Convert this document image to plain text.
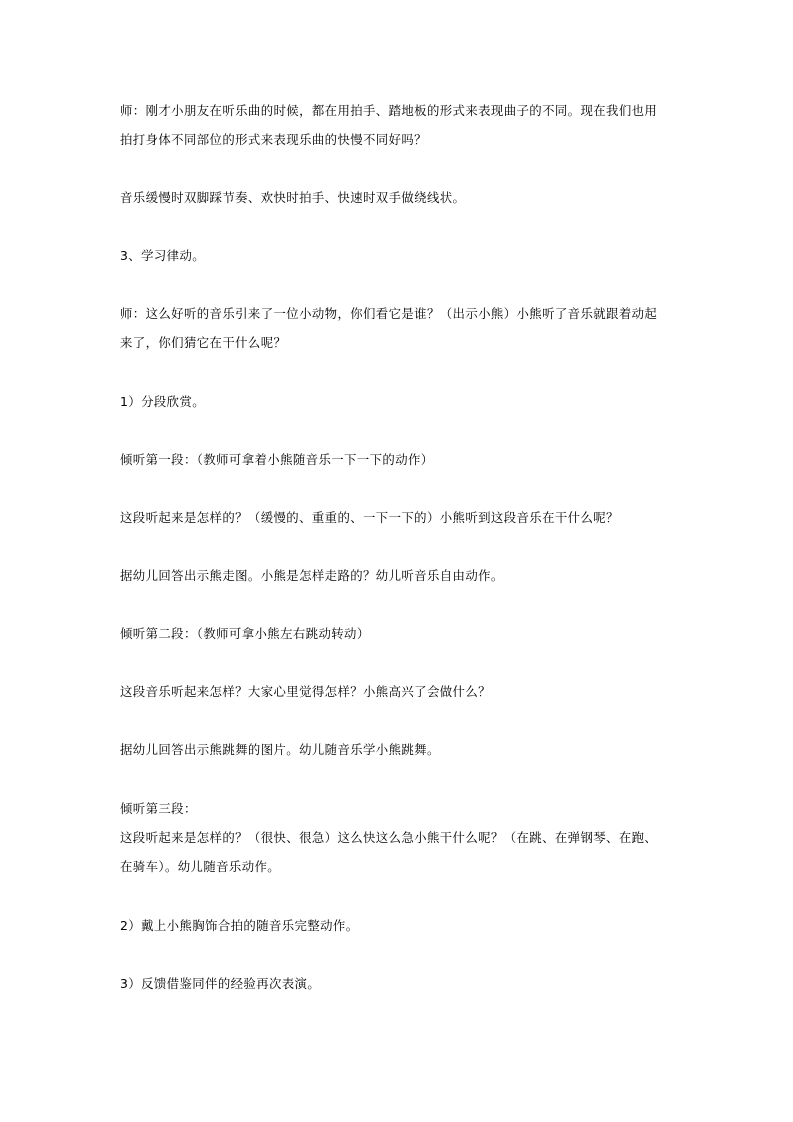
师：刚才小朋友在听乐曲的时候，都在用拍手、踏地板的形式来表现曲子的不同。现在我们也用
拍打身体不同部位的形式来表现乐曲的快慢不同好吗？

音乐缓慢时双脚踩节奏、欢快时拍手、快速时双手做绕线状。

3、学习律动。

师：这么好听的音乐引来了一位小动物，你们看它是谁？（出示小熊）小熊听了音乐就跟着动起
来了，你们猜它在干什么呢？

1）分段欣赏。

倾听第一段：（教师可拿着小熊随音乐一下一下的动作）

这段听起来是怎样的？（缓慢的、重重的、一下一下的）小熊听到这段音乐在干什么呢？

据幼儿回答出示熊走图。小熊是怎样走路的？幼儿听音乐自由动作。

倾听第二段：（教师可拿小熊左右跳动转动）

这段音乐听起来怎样？大家心里觉得怎样？小熊高兴了会做什么？

据幼儿回答出示熊跳舞的图片。幼儿随音乐学小熊跳舞。

倾听第三段：
这段听起来是怎样的？（很快、很急）这么快这么急小熊干什么呢？（在跳、在弹钢琴、在跑、
在骑车）。幼儿随音乐动作。

2）戴上小熊胸饰合拍的随音乐完整动作。

3）反馈借鉴同伴的经验再次表演。
